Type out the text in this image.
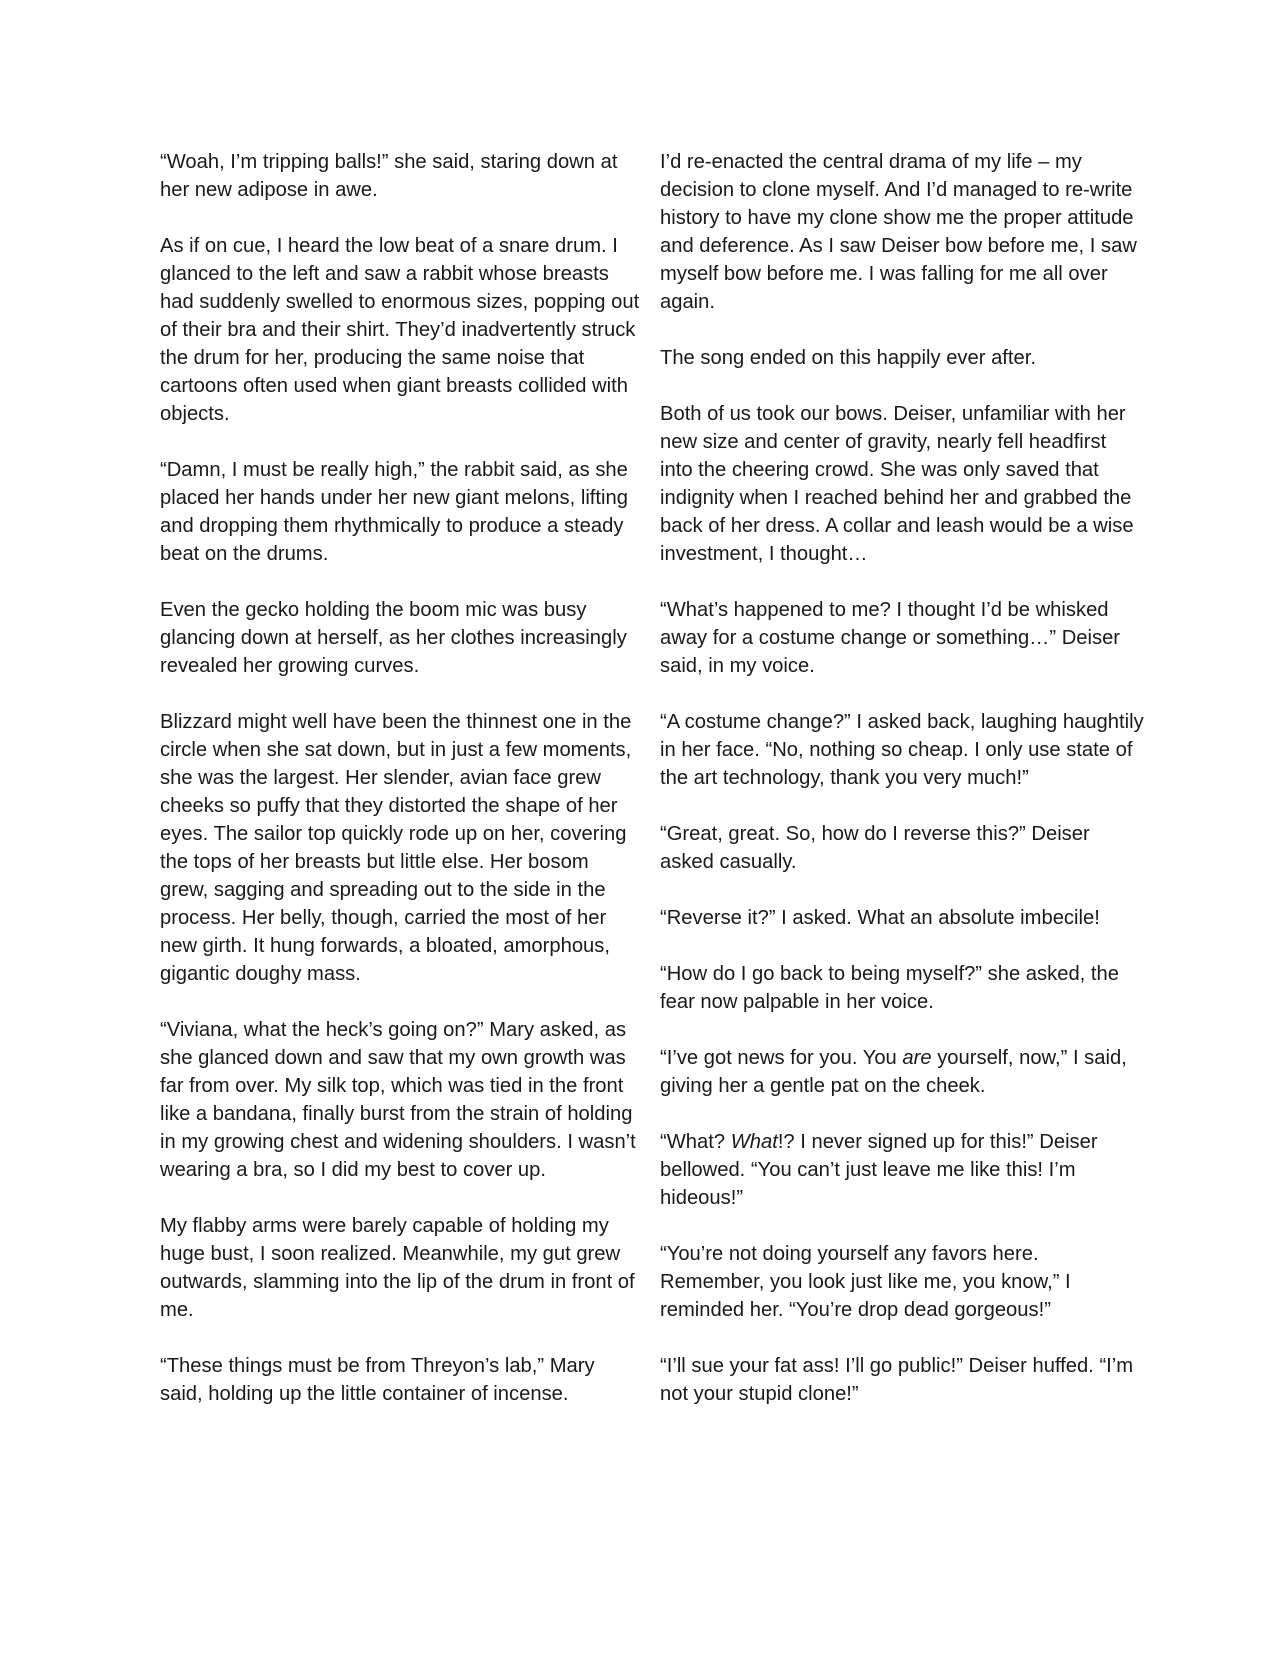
“Woah, I’m tripping balls!” she said, staring down at her new adipose in awe.

As if on cue, I heard the low beat of a snare drum. I glanced to the left and saw a rabbit whose breasts had suddenly swelled to enormous sizes, popping out of their bra and their shirt. They’d inadvertently struck the drum for her, producing the same noise that cartoons often used when giant breasts collided with objects.

“Damn, I must be really high,” the rabbit said, as she placed her hands under her new giant melons, lifting and dropping them rhythmically to produce a steady beat on the drums.

Even the gecko holding the boom mic was busy glancing down at herself, as her clothes increasingly revealed her growing curves.

Blizzard might well have been the thinnest one in the circle when she sat down, but in just a few moments, she was the largest. Her slender, avian face grew cheeks so puffy that they distorted the shape of her eyes. The sailor top quickly rode up on her, covering the tops of her breasts but little else. Her bosom grew, sagging and spreading out to the side in the process. Her belly, though, carried the most of her new girth. It hung forwards, a bloated, amorphous, gigantic doughy mass.

“Viviana, what the heck’s going on?” Mary asked, as she glanced down and saw that my own growth was far from over. My silk top, which was tied in the front like a bandana, finally burst from the strain of holding in my growing chest and widening shoulders. I wasn’t wearing a bra, so I did my best to cover up.

My flabby arms were barely capable of holding my huge bust, I soon realized. Meanwhile, my gut grew outwards, slamming into the lip of the drum in front of me.

“These things must be from Threyon’s lab,” Mary said, holding up the little container of incense.

I’d re-enacted the central drama of my life – my decision to clone myself. And I’d managed to re-write history to have my clone show me the proper attitude and deference. As I saw Deiser bow before me, I saw myself bow before me. I was falling for me all over again.

The song ended on this happily ever after.

Both of us took our bows. Deiser, unfamiliar with her new size and center of gravity, nearly fell headfirst into the cheering crowd. She was only saved that indignity when I reached behind her and grabbed the back of her dress. A collar and leash would be a wise investment, I thought…

“What’s happened to me? I thought I’d be whisked away for a costume change or something…” Deiser said, in my voice.

“A costume change?” I asked back, laughing haughtily in her face. “No, nothing so cheap. I only use state of the art technology, thank you very much!”

“Great, great. So, how do I reverse this?” Deiser asked casually.

“Reverse it?” I asked. What an absolute imbecile!

“How do I go back to being myself?” she asked, the fear now palpable in her voice.

“I’ve got news for you. You are yourself, now,” I said, giving her a gentle pat on the cheek.

“What? What!? I never signed up for this!” Deiser bellowed. “You can’t just leave me like this! I’m hideous!”

“You’re not doing yourself any favors here. Remember, you look just like me, you know,” I reminded her. “You’re drop dead gorgeous!”

“I’ll sue your fat ass! I’ll go public!” Deiser huffed. “I’m not your stupid clone!”
